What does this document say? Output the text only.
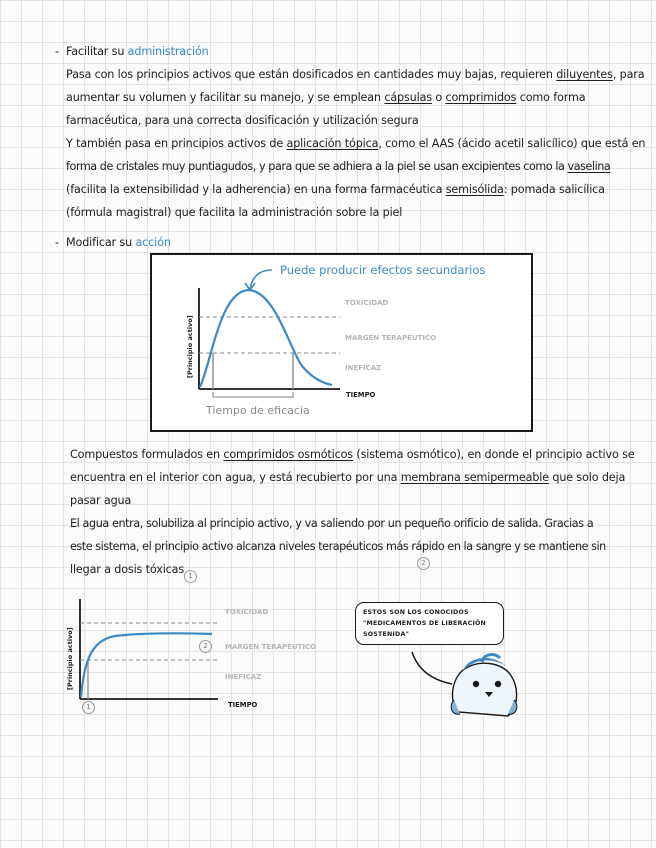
- Facilitar su administración
Pasa con los principios activos que están dosificados en cantidades muy bajas, requieren diluyentes, para
aumentar su volumen y facilitar su manejo, y se emplean cápsulas o comprimidos como forma
farmacéutica, para una correcta dosificación y utilización segura
Y también pasa en principios activos de aplicación tópica, como el AAS (ácido acetil salicílico) que está en
forma de cristales muy puntiagudos, y para que se adhiera a la piel se usan excipientes como la vaselina
(facilita la extensibilidad y la adherencia) en una forma farmacéutica semisólida: pomada salicílica
(fórmula magistral) que facilita la administración sobre la piel
- Modificar su acción
Puede producir efectos secundarios
[Principio activo]
TIEMPO
TOXICIDAD
MARGEN TERAPÉUTICO
INEFICAZ
Tiempo de eficacia
Compuestos formulados en comprimidos osmóticos (sistema osmótico), en donde el principio activo se
encuentra en el interior con agua, y está recubierto por una membrana semipermeable que solo deja
pasar agua
El agua entra, solubiliza al principio activo, y va saliendo por un pequeño orificio de salida. Gracias a
este sistema, el principio activo alcanza niveles terapéuticos más rápido en la sangre y se mantiene sin
llegar a dosis tóxicas 1
2
[Principio activo]
TIEMPO
TOXICIDAD
MARGEN TERAPÉUTICO
INEFICAZ
1
2
ESTOS SON LOS CONOCIDOS
"MEDICAMENTOS DE LIBERACIÓN
SOSTENIDA"
